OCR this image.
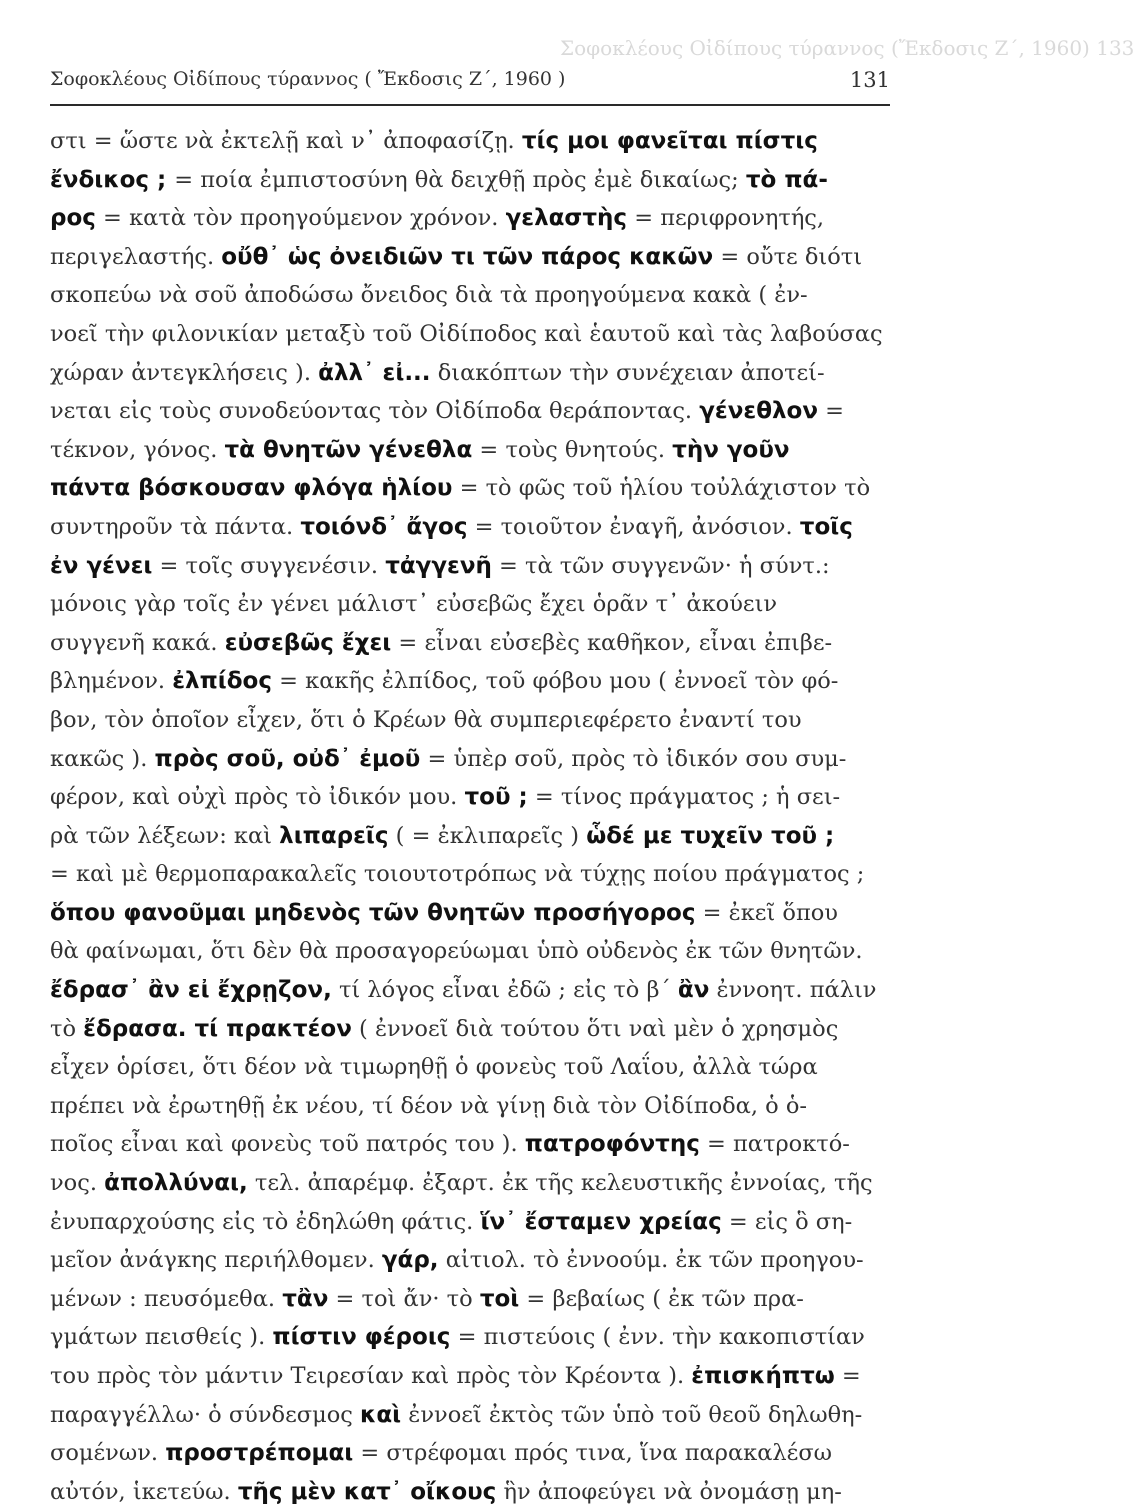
Σοφοκλέους Οἰδίπους τύραννος (Ἔκδοσις Ζ΄, 1960) 133
Σοφοκλέους Οἰδίπους τύραννος ( Ἔκδοσις Ζ΄, 1960 )	131
στι = ὥστε νὰ ἐκτελῇ καὶ ν᾿ ἀποφασίζῃ. τίς μοι φανεῖται πίστις
ἔνδικος ; = ποία ἐμπιστοσύνη θὰ δειχθῇ πρὸς ἐμὲ δικαίως; τὸ πά-
ρος = κατὰ τὸν προηγούμενον χρόνον. γελαστὴς = περιφρονητής,
περιγελαστής. οὔθ᾿ ὡς ὀνειδιῶν τι τῶν πάρος κακῶν = οὔτε διότι
σκοπεύω νὰ σοῦ ἀποδώσω ὄνειδος διὰ τὰ προηγούμενα κακὰ ( ἐν-
νοεῖ τὴν φιλονικίαν μεταξὺ τοῦ Οἰδίποδος καὶ ἑαυτοῦ καὶ τὰς λαβούσας
χώραν ἀντεγκλήσεις ). ἀλλ᾿ εἰ... διακόπτων τὴν συνέχειαν ἀποτεί-
νεται εἰς τοὺς συνοδεύοντας τὸν Οἰδίποδα θεράποντας. γένεθλον =
τέκνον, γόνος. τὰ θνητῶν γένεθλα = τοὺς θνητούς. τὴν γοῦν
πάντα βόσκουσαν φλόγα ἡλίου = τὸ φῶς τοῦ ἡλίου τοὐλάχιστον τὸ
συντηροῦν τὰ πάντα. τοιόνδ᾿ ἄγος = τοιοῦτον ἐναγῆ, ἀνόσιον. τοῖς
ἐν γένει = τοῖς συγγενέσιν. τἀγγενῆ = τὰ τῶν συγγενῶν· ἡ σύντ.:
μόνοις γὰρ τοῖς ἐν γένει μάλιστ᾿ εὐσεβῶς ἔχει ὁρᾶν τ᾿ ἀκούειν
συγγενῆ κακά. εὐσεβῶς ἔχει = εἶναι εὐσεβὲς καθῆκον, εἶναι ἐπιβε-
βλημένον. ἐλπίδος = κακῆς ἐλπίδος, τοῦ φόβου μου ( ἐννοεῖ τὸν φό-
βον, τὸν ὁποῖον εἶχεν, ὅτι ὁ Κρέων θὰ συμπεριεφέρετο ἐναντί του
κακῶς ). πρὸς σοῦ, οὐδ᾿ ἐμοῦ = ὑπὲρ σοῦ, πρὸς τὸ ἰδικόν σου συμ-
φέρον, καὶ οὐχὶ πρὸς τὸ ἰδικόν μου. τοῦ ; = τίνος πράγματος ; ἡ σει-
ρὰ τῶν λέξεων: καὶ λιπαρεῖς ( = ἐκλιπαρεῖς ) ὧδέ με τυχεῖν τοῦ ;
= καὶ μὲ θερμοπαρακαλεῖς τοιουτοτρόπως νὰ τύχῃς ποίου πράγματος ;
ὅπου φανοῦμαι μηδενὸς τῶν θνητῶν προσήγορος = ἐκεῖ ὅπου
θὰ φαίνωμαι, ὅτι δὲν θὰ προσαγορεύωμαι ὑπὸ οὐδενὸς ἐκ τῶν θνητῶν.
ἔδρασ᾿ ἂν εἰ ἔχρῃζον, τί λόγος εἶναι ἐδῶ ; εἰς τὸ β΄ ἂν ἐννοητ. πάλιν
τὸ ἔδρασα. τί πρακτέον ( ἐννοεῖ διὰ τούτου ὅτι ναὶ μὲν ὁ χρησμὸς
εἶχεν ὁρίσει, ὅτι δέον νὰ τιμωρηθῇ ὁ φονεὺς τοῦ Λαΐου, ἀλλὰ τώρα
πρέπει νὰ ἐρωτηθῇ ἐκ νέου, τί δέον νὰ γίνῃ διὰ τὸν Οἰδίποδα, ὁ ὁ-
ποῖος εἶναι καὶ φονεὺς τοῦ πατρός του ). πατροφόντης = πατροκτό-
νος. ἀπολλύναι, τελ. ἀπαρέμφ. ἐξαρτ. ἐκ τῆς κελευστικῆς ἐννοίας, τῆς
ἐνυπαρχούσης εἰς τὸ ἐδηλώθη φάτις. ἵν᾿ ἔσταμεν χρείας = εἰς ὃ ση-
μεῖον ἀνάγκης περιήλθομεν. γάρ, αἰτιολ. τὸ ἐννοούμ. ἐκ τῶν προηγου-
μένων : πευσόμεθα. τἂν = τοὶ ἄν· τὸ τοὶ = βεβαίως ( ἐκ τῶν πρα-
γμάτων πεισθείς ). πίστιν φέροις = πιστεύοις ( ἐνν. τὴν κακοπιστίαν
του πρὸς τὸν μάντιν Τειρεσίαν καὶ πρὸς τὸν Κρέοντα ). ἐπισκήπτω =
παραγγέλλω· ὁ σύνδεσμος καὶ ἐννοεῖ ἐκτὸς τῶν ὑπὸ τοῦ θεοῦ δηλωθη-
σομένων. προστρέπομαι = στρέφομαι πρός τινα, ἵνα παρακαλέσω
αὐτόν, ἱκετεύω. τῆς μὲν κατ᾿ οἴκους ἣν ἀποφεύγει νὰ ὀνομάσῃ μη-
